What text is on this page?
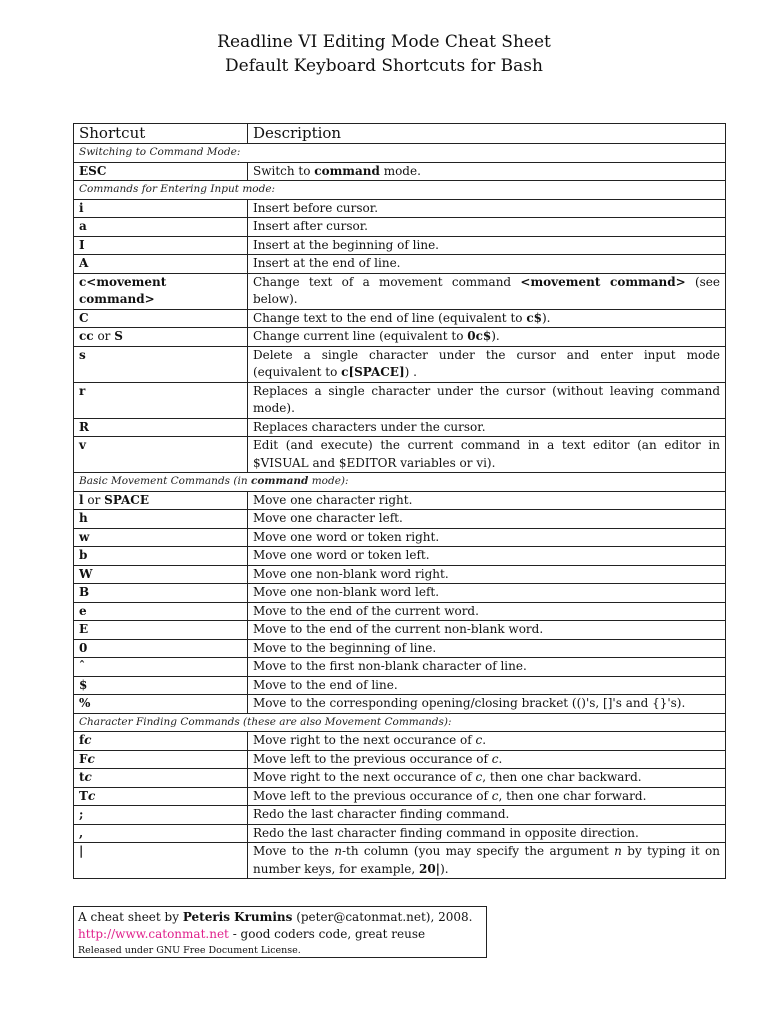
Readline VI Editing Mode Cheat Sheet
Default Keyboard Shortcuts for Bash
Shortcut	Description
Switching to Command Mode:	
ESC	Switch to command mode.
Commands for Entering Input mode:	
i	Insert before cursor.
a	Insert after cursor.
I	Insert at the beginning of line.
A	Insert at the end of line.
c<movement command>	Change text of a movement command <movement command> (see below).
C	Change text to the end of line (equivalent to c$).
cc or S	Change current line (equivalent to 0c$).
s	Delete a single character under the cursor and enter input mode (equivalent to c[SPACE]) .
r	Replaces a single character under the cursor (without leaving command mode).
R	Replaces characters under the cursor.
v	Edit (and execute) the current command in a text editor (an editor in $VISUAL and $EDITOR variables or vi).
Basic Movement Commands (in command mode):	
l or SPACE	Move one character right.
h	Move one character left.
w	Move one word or token right.
b	Move one word or token left.
W	Move one non-blank word right.
B	Move one non-blank word left.
e	Move to the end of the current word.
E	Move to the end of the current non-blank word.
0	Move to the beginning of line.
ˆ	Move to the first non-blank character of line.
$	Move to the end of line.
%	Move to the corresponding opening/closing bracket (()'s, []'s and {}'s).
Character Finding Commands (these are also Movement Commands):	
fc	Move right to the next occurance of c.
Fc	Move left to the previous occurance of c.
tc	Move right to the next occurance of c, then one char backward.
Tc	Move left to the previous occurance of c, then one char forward.
;	Redo the last character finding command.
,	Redo the last character finding command in opposite direction.
|	Move to the n-th column (you may specify the argument n by typing it on number keys, for example, 20|).
A cheat sheet by Peteris Krumins (peter@catonmat.net), 2008.
http://www.catonmat.net - good coders code, great reuse
Released under GNU Free Document License.
